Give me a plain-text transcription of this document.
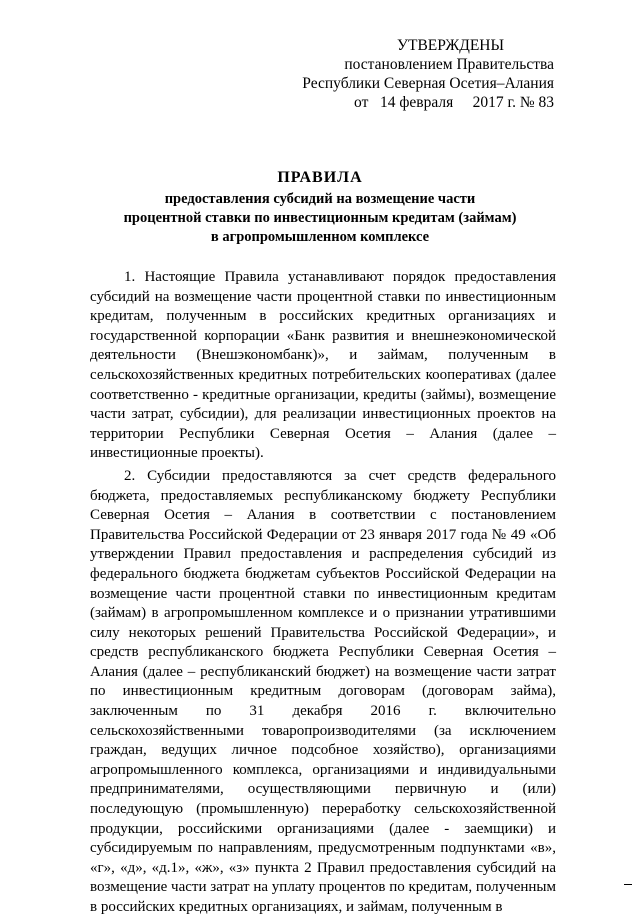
УТВЕРЖДЕНЫ
постановлением Правительства
Республики Северная Осетия–Алания
от   14 февраля     2017 г. № 83
ПРАВИЛА
предоставления субсидий на возмещение части
процентной ставки по инвестиционным кредитам (займам)
в агропромышленном комплексе

1. Настоящие Правила устанавливают порядок предоставления субсидий на возмещение части процентной ставки по инвестиционным кредитам, полученным в российских кредитных организациях и государственной корпорации «Банк развития и внешнеэкономической деятельности (Внешэкономбанк)», и займам, полученным в сельскохозяйственных кредитных потребительских кооперативах (далее соответственно - кредитные организации, кредиты (займы), возмещение части затрат, субсидии), для реализации инвестиционных проектов на территории Республики Северная Осетия – Алания (далее – инвестиционные проекты).

2. Субсидии предоставляются за счет средств федерального бюджета, предоставляемых республиканскому бюджету Республики Северная Осетия – Алания в соответствии с постановлением Правительства Российской Федерации от 23 января 2017 года № 49 «Об утверждении Правил предоставления и распределения субсидий из федерального бюджета бюджетам субъектов Российской Федерации на возмещение части процентной ставки по инвестиционным кредитам (займам) в агропромышленном комплексе и о признании утратившими силу некоторых решений Правительства Российской Федерации», и средств республиканского бюджета Республики Северная Осетия – Алания (далее – республиканский бюджет) на возмещение части затрат по инвестиционным кредитным договорам (договорам займа), заключенным по 31 декабря 2016 г. включительно сельскохозяйственными товаропроизводителями (за исключением граждан, ведущих личное подсобное хозяйство), организациями агропромышленного комплекса, организациями и индивидуальными предпринимателями, осуществляющими первичную и (или) последующую (промышленную) переработку сельскохозяйственной продукции, российскими организациями (далее - заемщики) и субсидируемым по направлениям, предусмотренным подпунктами «в», «г», «д», «д.1», «ж», «з» пункта 2 Правил предоставления субсидий на возмещение части затрат на уплату процентов по кредитам, полученным в российских кредитных организациях, и займам, полученным в
